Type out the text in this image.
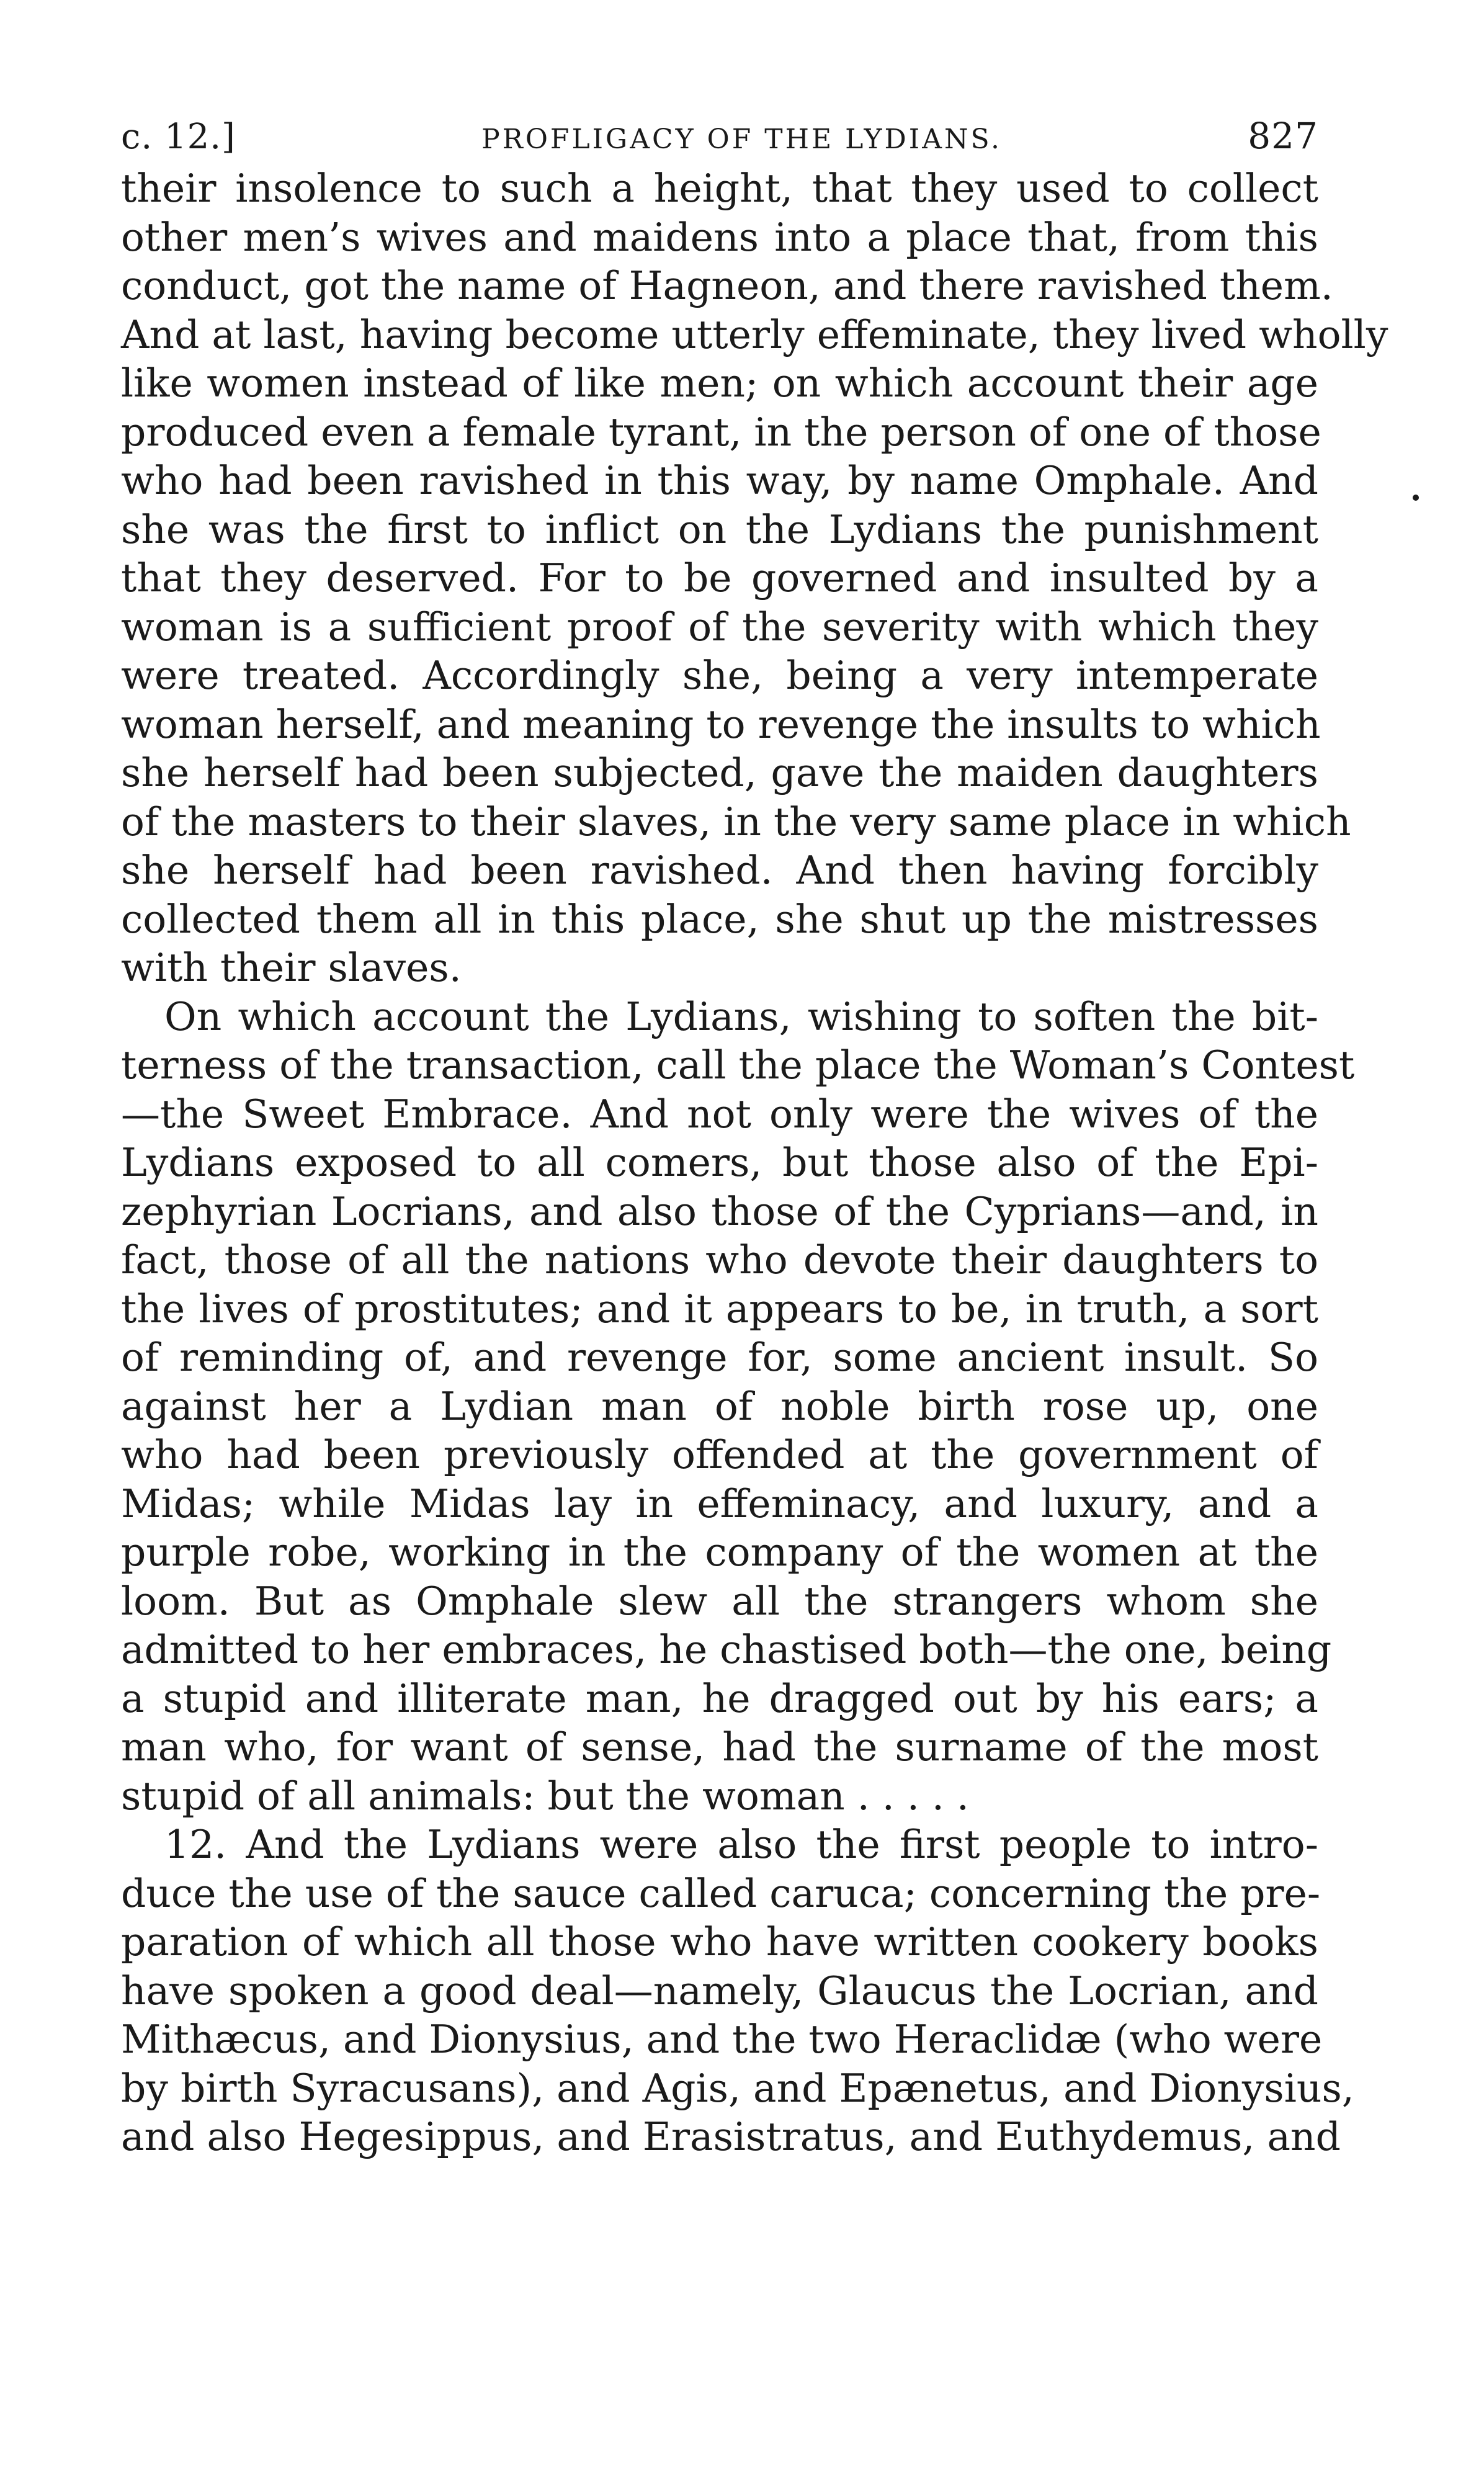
c. 12.]	PROFLIGACY OF THE LYDIANS.	827
their insolence to such a height, that they used to collect
other men’s wives and maidens into a place that, from this
conduct, got the name of Hagneon, and there ravished them.
And at last, having become utterly effeminate, they lived wholly
like women instead of like men; on which account their age
produced even a female tyrant, in the person of one of those
who had been ravished in this way, by name Omphale. And
she was the first to inflict on the Lydians the punishment
that they deserved. For to be governed and insulted by a
woman is a sufficient proof of the severity with which they
were treated. Accordingly she, being a very intemperate
woman herself, and meaning to revenge the insults to which
she herself had been subjected, gave the maiden daughters
of the masters to their slaves, in the very same place in which
she herself had been ravished. And then having forcibly
collected them all in this place, she shut up the mistresses
with their slaves.
On which account the Lydians, wishing to soften the bit-
terness of the transaction, call the place the Woman’s Contest
—the Sweet Embrace. And not only were the wives of the
Lydians exposed to all comers, but those also of the Epi-
zephyrian Locrians, and also those of the Cyprians—and, in
fact, those of all the nations who devote their daughters to
the lives of prostitutes; and it appears to be, in truth, a sort
of reminding of, and revenge for, some ancient insult. So
against her a Lydian man of noble birth rose up, one
who had been previously offended at the government of
Midas; while Midas lay in effeminacy, and luxury, and a
purple robe, working in the company of the women at the
loom. But as Omphale slew all the strangers whom she
admitted to her embraces, he chastised both—the one, being
a stupid and illiterate man, he dragged out by his ears; a
man who, for want of sense, had the surname of the most
stupid of all animals: but the woman . . . . .
12. And the Lydians were also the first people to intro-
duce the use of the sauce called caruca; concerning the pre-
paration of which all those who have written cookery books
have spoken a good deal—namely, Glaucus the Locrian, and
Mithæcus, and Dionysius, and the two Heraclidæ (who were
by birth Syracusans), and Agis, and Epænetus, and Dionysius,
and also Hegesippus, and Erasistratus, and Euthydemus, and
